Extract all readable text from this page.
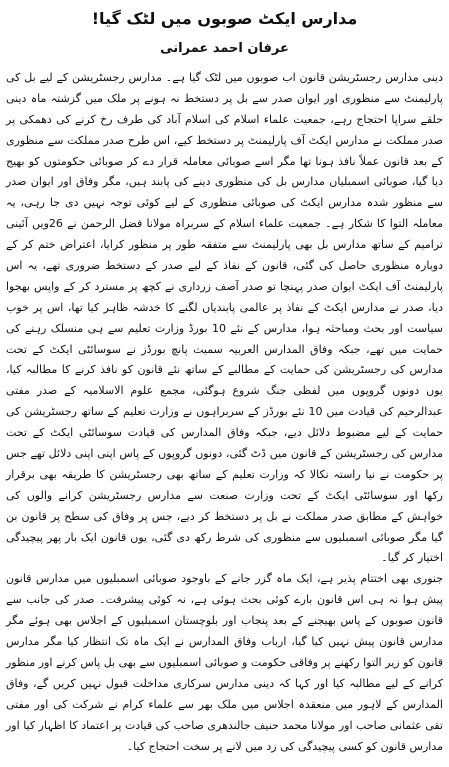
مدارس ایکٹ صوبوں میں لٹک گیا!
عرفان احمد عمرانی

دینی مدارس رجسٹریشن قانون اب صوبوں میں لٹک گیا ہے۔ مدارس رجسٹریشن کے لیے بل کی پارلیمنٹ سے منظوری اور ایوان صدر سے بل پر دستخط نہ ہونے پر ملک میں گزشتہ ماہ دینی حلقے سراپا احتجاج رہے، جمعیت علماء اسلام کی اسلام آباد کی طرف رخ کرنے کی دھمکی پر صدر مملکت نے مدارس ایکٹ آف پارلیمنٹ پر دستخط کیے، اس طرح صدر مملکت سے منظوری کے بعد قانون عملاً نافذ ہونا تھا مگر اسے صوبائی معاملہ قرار دے کر صوبائی حکومتوں کو بھیج دیا گیا، صوبائی اسمبلیاں مدارس بل کی منظوری دینے کی پابند ہیں، مگر وفاق اور ایوان صدر سے منظور شدہ مدارس ایکٹ کی صوبائی منظوری کے لیے کوئی توجہ نہیں دی جا رہی، یہ معاملہ التوا کا شکار ہے۔ جمعیت علماء اسلام کے سربراہ مولانا فضل الرحمن نے 26ویں آئینی ترامیم کے ساتھ مدارس بل بھی پارلیمنٹ سے متفقہ طور پر منظور کرایا، اعتراض ختم کر کے دوبارہ منظوری حاصل کی گئی، قانون کے نفاذ کے لیے صدر کے دستخط ضروری تھے، یہ اس پارلیمنٹ آف ایکٹ ایوان صدر پہنچا تو صدر آصف زرداری نے کچھ پر مسترد کر کے واپس بھجوا دیا، صدر نے مدارس ایکٹ کے نفاذ پر عالمی پابندیاں لگنے کا خدشہ ظاہر کیا تھا، اس پر خوب سیاست اور بحث ومباحثہ ہوا، مدارس کے نئے 10 بورڈ وزارت تعلیم سے ہی منسلک رہنے کی حمایت میں تھے، جبکہ وفاق المدارس العربیہ سمیت پانچ بورڈز نے سوسائٹی ایکٹ کے تحت مدارس کی رجسٹریشن کی حمایت کے مطالبے کے ساتھ نئے قانون کو نافذ کرنے کا مطالبہ کیا، یوں دونوں گروپوں میں لفظی جنگ شروع ہوگئی، مجمع علوم الاسلامیہ کے صدر مفتی عبدالرحیم کی قیادت میں 10 نئے بورڈز کے سربراہوں نے وزارت تعلیم کے ساتھ رجسٹریشن کی حمایت کے لیے مضبوط دلائل دیے، جبکہ وفاق المدارس کی قیادت سوسائٹی ایکٹ کے تحت مدارس کی رجسٹریشن کے قانون میں ڈٹ گئی، دونوں گروپوں کے پاس اپنی اپنی دلائل تھے جس پر حکومت نے نیا راستہ نکالا کہ وزارت تعلیم کے ساتھ بھی رجسٹریشن کا طریقہ بھی برقرار رکھا اور سوسائٹی ایکٹ کے تحت وزارت صنعت سے مدارس رجسٹریشن کرانے والوں کی خواہش کے مطابق صدر مملکت نے بل پر دستخط کر دیے، جس پر وفاق کی سطح پر قانون بن گیا مگر صوبائی اسمبلیوں سے منظوری کی شرط رکھ دی گئی، یوں قانون ایک بار پھر پیچیدگی اختیار کر گیا۔

جنوری بھی اختتام پذیر ہے، ایک ماہ گزر جانے کے باوجود صوبائی اسمبلیوں میں مدارس قانون پیش ہوا نہ ہی اس قانون بارے کوئی بحث ہوئی ہے، نہ کوئی پیشرفت۔ صدر کی جانب سے قانون صوبوں کے پاس بھیجنے کے بعد پنجاب اور بلوچستان اسمبلیوں کے اجلاس بھی ہوئے مگر مدارس قانون پیش نہیں کیا گیا، ارباب وفاق المدارس نے ایک ماہ تک انتظار کیا مگر مدارس قانون کو زیر التوا رکھنے پر وفاقی حکومت و صوبائی اسمبلیوں سے بھی بل پاس کرنے اور منظور کرانے کے لیے مطالبہ کیا اور کہا کہ دینی مدارس سرکاری مداخلت قبول نہیں کریں گے، وفاق المدارس کے لاہور میں منعقدہ اجلاس میں ملک بھر سے علماء کرام نے شرکت کی اور مفتی تقی عثمانی صاحب اور مولانا محمد حنیف جالندھری صاحب کی قیادت پر اعتماد کا اظہار کیا اور مدارس قانون کو کسی پیچیدگی کی زد میں لانے پر سخت احتجاج کیا۔
